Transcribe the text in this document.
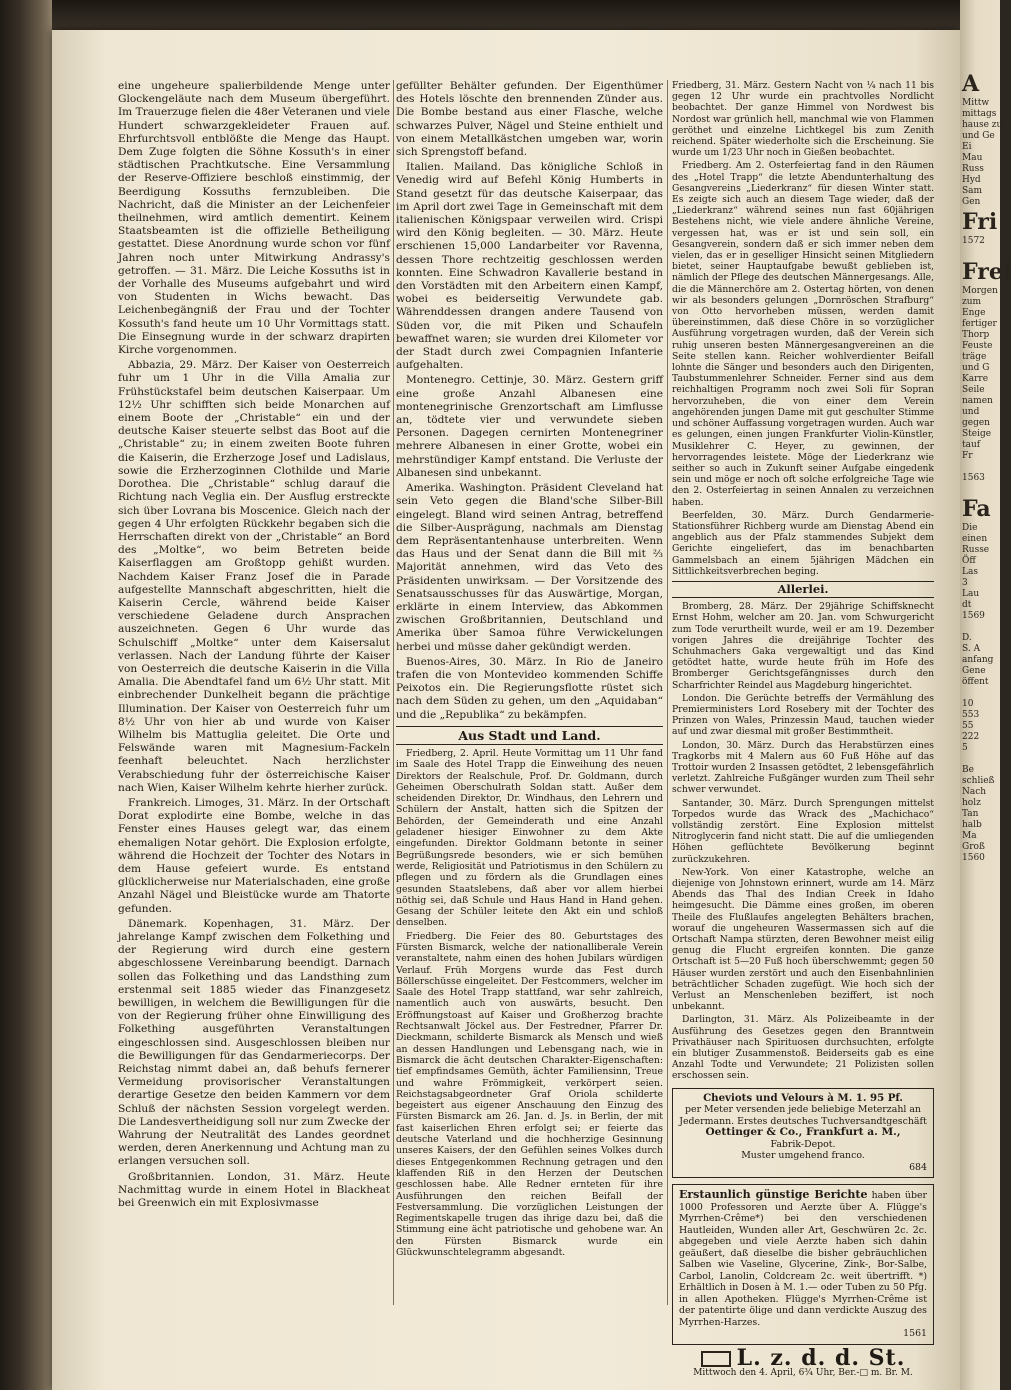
eine ungeheure spalierbildende Menge unter Glockengeläute nach dem Museum übergeführt. Im Trauerzuge fielen die 48er Veteranen und viele Hundert schwarzgekleideter Frauen auf. Ehrfurchtsvoll entblößte die Menge das Haupt. Dem Zuge folgten die Söhne Kossuth's in einer städtischen Prachtkutsche. Eine Versammlung der Reserve-Offiziere beschloß einstimmig, der Beerdigung Kossuths fernzubleiben. Die Nachricht, daß die Minister an der Leichenfeier theilnehmen, wird amtlich dementirt. Keinem Staatsbeamten ist die offizielle Betheiligung gestattet. Diese Anordnung wurde schon vor fünf Jahren noch unter Mitwirkung Andrassy's getroffen. — 31. März. Die Leiche Kossuths ist in der Vorhalle des Museums aufgebahrt und wird von Studenten in Wichs bewacht. Das Leichenbegängniß der Frau und der Tochter Kossuth's fand heute um 10 Uhr Vormittags statt. Die Einsegnung wurde in der schwarz drapirten Kirche vorgenommen.

Abbazia, 29. März. Der Kaiser von Oesterreich fuhr um 1 Uhr in die Villa Amalia zur Frühstückstafel beim deutschen Kaiserpaar. Um 12½ Uhr schifften sich beide Monarchen auf einem Boote der „Christable“ ein und der deutsche Kaiser steuerte selbst das Boot auf die „Christable“ zu; in einem zweiten Boote fuhren die Kaiserin, die Erzherzoge Josef und Ladislaus, sowie die Erzherzoginnen Clothilde und Marie Dorothea. Die „Christable“ schlug darauf die Richtung nach Veglia ein. Der Ausflug erstreckte sich über Lovrana bis Moscenice. Gleich nach der gegen 4 Uhr erfolgten Rückkehr begaben sich die Herrschaften direkt von der „Christable“ an Bord des „Moltke“, wo beim Betreten beide Kaiserflaggen am Großtopp gehißt wurden. Nachdem Kaiser Franz Josef die in Parade aufgestellte Mannschaft abgeschritten, hielt die Kaiserin Cercle, während beide Kaiser verschiedene Geladene durch Ansprachen auszeichneten. Gegen 6 Uhr wurde das Schulschiff „Moltke“ unter dem Kaisersalut verlassen. Nach der Landung führte der Kaiser von Oesterreich die deutsche Kaiserin in die Villa Amalia. Die Abendtafel fand um 6½ Uhr statt. Mit einbrechender Dunkelheit begann die prächtige Illumination. Der Kaiser von Oesterreich fuhr um 8½ Uhr von hier ab und wurde von Kaiser Wilhelm bis Mattuglia geleitet. Die Orte und Felswände waren mit Magnesium-Fackeln feenhaft beleuchtet. Nach herzlichster Verabschiedung fuhr der österreichische Kaiser nach Wien, Kaiser Wilhelm kehrte hierher zurück.

Frankreich. Limoges, 31. März. In der Ortschaft Dorat explodirte eine Bombe, welche in das Fenster eines Hauses gelegt war, das einem ehemaligen Notar gehört. Die Explosion erfolgte, während die Hochzeit der Tochter des Notars in dem Hause gefeiert wurde. Es entstand glücklicherweise nur Materialschaden, eine große Anzahl Nägel und Bleistücke wurde am Thatorte gefunden.

Dänemark. Kopenhagen, 31. März. Der jahrelange Kampf zwischen dem Folkething und der Regierung wird durch eine gestern abgeschlossene Vereinbarung beendigt. Darnach sollen das Folkething und das Landsthing zum erstenmal seit 1885 wieder das Finanzgesetz bewilligen, in welchem die Bewilligungen für die von der Regierung früher ohne Einwilligung des Folkething ausgeführten Veranstaltungen eingeschlossen sind. Ausgeschlossen bleiben nur die Bewilligungen für das Gendarmeriecorps. Der Reichstag nimmt dabei an, daß behufs fernerer Vermeidung provisorischer Veranstaltungen derartige Gesetze den beiden Kammern vor dem Schluß der nächsten Session vorgelegt werden. Die Landesvertheidigung soll nur zum Zwecke der Wahrung der Neutralität des Landes geordnet werden, deren Anerkennung und Achtung man zu erlangen versuchen soll.

Großbritannien. London, 31. März. Heute Nachmittag wurde in einem Hotel in Blackheat bei Greenwich ein mit Explosivmasse

gefüllter Behälter gefunden. Der Eigenthümer des Hotels löschte den brennenden Zünder aus. Die Bombe bestand aus einer Flasche, welche schwarzes Pulver, Nägel und Steine enthielt und von einem Metallkästchen umgeben war, worin sich Sprengstoff befand.

Italien. Mailand. Das königliche Schloß in Venedig wird auf Befehl König Humberts in Stand gesetzt für das deutsche Kaiserpaar, das im April dort zwei Tage in Gemeinschaft mit dem italienischen Königspaar verweilen wird. Crispi wird den König begleiten. — 30. März. Heute erschienen 15,000 Landarbeiter vor Ravenna, dessen Thore rechtzeitig geschlossen werden konnten. Eine Schwadron Kavallerie bestand in den Vorstädten mit den Arbeitern einen Kampf, wobei es beiderseitig Verwundete gab. Währenddessen drangen andere Tausend von Süden vor, die mit Piken und Schaufeln bewaffnet waren; sie wurden drei Kilometer vor der Stadt durch zwei Compagnien Infanterie aufgehalten.

Montenegro. Cettinje, 30. März. Gestern griff eine große Anzahl Albanesen eine montenegrinische Grenzortschaft am Limflusse an, tödtete vier und verwundete sieben Personen. Dagegen cernirten Montenegriner mehrere Albanesen in einer Grotte, wobei ein mehrstündiger Kampf entstand. Die Verluste der Albanesen sind unbekannt.

Amerika. Washington. Präsident Cleveland hat sein Veto gegen die Bland'sche Silber-Bill eingelegt. Bland wird seinen Antrag, betreffend die Silber-Ausprägung, nachmals am Dienstag dem Repräsentantenhause unterbreiten. Wenn das Haus und der Senat dann die Bill mit ⅔ Majorität annehmen, wird das Veto des Präsidenten unwirksam. — Der Vorsitzende des Senatsausschusses für das Auswärtige, Morgan, erklärte in einem Interview, das Abkommen zwischen Großbritannien, Deutschland und Amerika über Samoa führe Verwickelungen herbei und müsse daher gekündigt werden.

Buenos-Aires, 30. März. In Rio de Janeiro trafen die von Montevideo kommenden Schiffe Peixotos ein. Die Regierungsflotte rüstet sich nach dem Süden zu gehen, um den „Aquidaban“ und die „Republika“ zu bekämpfen.

Aus Stadt und Land.

Friedberg, 2. April. Heute Vormittag um 11 Uhr fand im Saale des Hotel Trapp die Einweihung des neuen Direktors der Realschule, Prof. Dr. Goldmann, durch Geheimen Oberschulrath Soldan statt. Außer dem scheidenden Direktor, Dr. Windhaus, den Lehrern und Schülern der Anstalt, hatten sich die Spitzen der Behörden, der Gemeinderath und eine Anzahl geladener hiesiger Einwohner zu dem Akte eingefunden. Direktor Goldmann betonte in seiner Begrüßungsrede besonders, wie er sich bemühen werde, Religiosität und Patriotismus in den Schülern zu pflegen und zu fördern als die Grundlagen eines gesunden Staatslebens, daß aber vor allem hierbei nöthig sei, daß Schule und Haus Hand in Hand gehen. Gesang der Schüler leitete den Akt ein und schloß denselben.

Friedberg. Die Feier des 80. Geburtstages des Fürsten Bismarck, welche der nationalliberale Verein veranstaltete, nahm einen des hohen Jubilars würdigen Verlauf. Früh Morgens wurde das Fest durch Böllerschüsse eingeleitet. Der Festcommers, welcher im Saale des Hotel Trapp stattfand, war sehr zahlreich, namentlich auch von auswärts, besucht. Den Eröffnungstoast auf Kaiser und Großherzog brachte Rechtsanwalt Jöckel aus. Der Festredner, Pfarrer Dr. Dieckmann, schilderte Bismarck als Mensch und wieß an dessen Handlungen und Lebensgang nach, wie in Bismarck die ächt deutschen Charakter-Eigenschaften: tief empfindsames Gemüth, ächter Familiensinn, Treue und wahre Frömmigkeit, verkörpert seien. Reichstagsabgeordneter Graf Oriola schilderte begeistert aus eigener Anschauung den Einzug des Fürsten Bismarck am 26. Jan. d. Js. in Berlin, der mit fast kaiserlichen Ehren erfolgt sei; er feierte das deutsche Vaterland und die hochherzige Gesinnung unseres Kaisers, der den Gefühlen seines Volkes durch dieses Entgegenkommen Rechnung getragen und den klaffenden Riß in den Herzen der Deutschen geschlossen habe. Alle Redner ernteten für ihre Ausführungen den reichen Beifall der Festversammlung. Die vorzüglichen Leistungen der Regimentskapelle trugen das ihrige dazu bei, daß die Stimmung eine ächt patriotische und gehobene war. An den Fürsten Bismarck wurde ein Glückwunschtelegramm abgesandt.

Friedberg, 31. März. Gestern Nacht von ¼ nach 11 bis gegen 12 Uhr wurde ein prachtvolles Nordlicht beobachtet. Der ganze Himmel von Nordwest bis Nordost war grünlich hell, manchmal wie von Flammen geröthet und einzelne Lichtkegel bis zum Zenith reichend. Später wiederholte sich die Erscheinung. Sie wurde um 1/23 Uhr noch in Gießen beobachtet.

Friedberg. Am 2. Osterfeiertag fand in den Räumen des „Hotel Trapp“ die letzte Abendunterhaltung des Gesangvereins „Liederkranz“ für diesen Winter statt. Es zeigte sich auch an diesem Tage wieder, daß der „Liederkranz“ während seines nun fast 60jährigen Bestehens nicht, wie viele andere ähnliche Vereine, vergessen hat, was er ist und sein soll, ein Gesangverein, sondern daß er sich immer neben dem vielen, das er in geselliger Hinsicht seinen Mitgliedern bietet, seiner Hauptaufgabe bewußt geblieben ist, nämlich der Pflege des deutschen Männergesangs. Alle, die die Männerchöre am 2. Ostertag hörten, von denen wir als besonders gelungen „Dornröschen Strafburg“ von Otto hervorheben müssen, werden damit übereinstimmen, daß diese Chöre in so vorzüglicher Ausführung vorgetragen wurden, daß der Verein sich ruhig unseren besten Männergesangvereinen an die Seite stellen kann. Reicher wohlverdienter Beifall lohnte die Sänger und besonders auch den Dirigenten, Taubstummenlehrer Schneider. Ferner sind aus dem reichhaltigen Programm noch zwei Soli für Sopran hervorzuheben, die von einer dem Verein angehörenden jungen Dame mit gut geschulter Stimme und schöner Auffassung vorgetragen wurden. Auch war es gelungen, einen jungen Frankfurter Violin-Künstler, Musiklehrer C. Heyer, zu gewinnen, der hervorragendes leistete. Möge der Liederkranz wie seither so auch in Zukunft seiner Aufgabe eingedenk sein und möge er noch oft solche erfolgreiche Tage wie den 2. Osterfeiertag in seinen Annalen zu verzeichnen haben.

Beerfelden, 30. März. Durch Gendarmerie-Stationsführer Richberg wurde am Dienstag Abend ein angeblich aus der Pfalz stammendes Subjekt dem Gerichte eingeliefert, das im benachbarten Gammelsbach an einem 5jährigen Mädchen ein Sittlichkeitsverbrechen beging.

Allerlei.

Bromberg, 28. März. Der 29jährige Schiffsknecht Ernst Hohm, welcher am 20. Jan. vom Schwurgericht zum Tode verurtheilt wurde, weil er am 19. Dezember vorigen Jahres die dreijährige Tochter des Schuhmachers Gaka vergewaltigt und das Kind getödtet hatte, wurde heute früh im Hofe des Bromberger Gerichtsgefängnisses durch den Scharfrichter Reindel aus Magdeburg hingerichtet.

London. Die Gerüchte betreffs der Vermählung des Premierministers Lord Rosebery mit der Tochter des Prinzen von Wales, Prinzessin Maud, tauchen wieder auf und zwar diesmal mit großer Bestimmtheit.

London, 30. März. Durch das Herabstürzen eines Tragkorbs mit 4 Malern aus 60 Fuß Höhe auf das Trottoir wurden 2 Insassen getödtet, 2 lebensgefährlich verletzt. Zahlreiche Fußgänger wurden zum Theil sehr schwer verwundet.

Santander, 30. März. Durch Sprengungen mittelst Torpedos wurde das Wrack des „Machichaco“ vollständig zerstört. Eine Explosion mittelst Nitroglycerin fand nicht statt. Die auf die umliegenden Höhen geflüchtete Bevölkerung beginnt zurückzukehren.

New-York. Von einer Katastrophe, welche an diejenige von Johnstown erinnert, wurde am 14. März Abends das Thal des Indian Creek in Idaho heimgesucht. Die Dämme eines großen, im oberen Theile des Flußlaufes angelegten Behälters brachen, worauf die ungeheuren Wassermassen sich auf die Ortschaft Nampa stürzten, deren Bewohner meist eilig genug die Flucht ergreifen konnten. Die ganze Ortschaft ist 5—20 Fuß hoch überschwemmt; gegen 50 Häuser wurden zerstört und auch den Eisenbahnlinien beträchtlicher Schaden zugefügt. Wie hoch sich der Verlust an Menschenleben beziffert, ist noch unbekannt.

Darlington, 31. März. Als Polizeibeamte in der Ausführung des Gesetzes gegen den Branntwein Privathäuser nach Spirituosen durchsuchten, erfolgte ein blutiger Zusammenstoß. Beiderseits gab es eine Anzahl Todte und Verwundete; 21 Polizisten sollen erschossen sein.

Cheviots und Velours à M. 1. 95 Pf.
per Meter versenden jede beliebige Meterzahl an Jedermann. Erstes deutsches Tuchversandtgeschäft
Oettinger & Co., Frankfurt a. M.,
Fabrik-Depot.
Muster umgehend franco.
684
Erstaunlich günstige Berichte haben über 1000 Professoren und Aerzte über A. Flügge's Myrrhen-Crême*) bei den verschiedenen Hautleiden, Wunden aller Art, Geschwüren 2c. 2c. abgegeben und viele Aerzte haben sich dahin geäußert, daß dieselbe die bisher gebräuchlichen Salben wie Vaseline, Glycerine, Zink-, Bor-Salbe, Carbol, Lanolin, Coldcream 2c. weit übertrifft. *) Erhältlich in Dosen à M. 1.— oder Tuben zu 50 Pfg. in allen Apotheken. Flügge's Myrrhen-Crême ist der patentirte ölige und dann verdickte Auszug des Myrrhen-Harzes.
1561
L. z. d. d. St.
Mittwoch den 4. April, 6¾ Uhr, Ber.-□ m. Br. M.
A
Mittw
mittags
hause zu
und Ge
Ei
Mau
Russ
Hyd
Sam
Gen
Fri
1572

Frei
Morgen
zum
Enge
fertiger
Thorp
Feuste
träge
und G
Karre
Seile
namen
und
gegen
Steige
tauf
Fr

1563

Fa
Die
einen
Russe
Öff
Las
3
Lau
dt
1569

D.
S. A
anfang
Gene
öffent

10
553
55
222
5

Be
schließ
Nach
holz
Tan
halb
Ma
Groß
1560
